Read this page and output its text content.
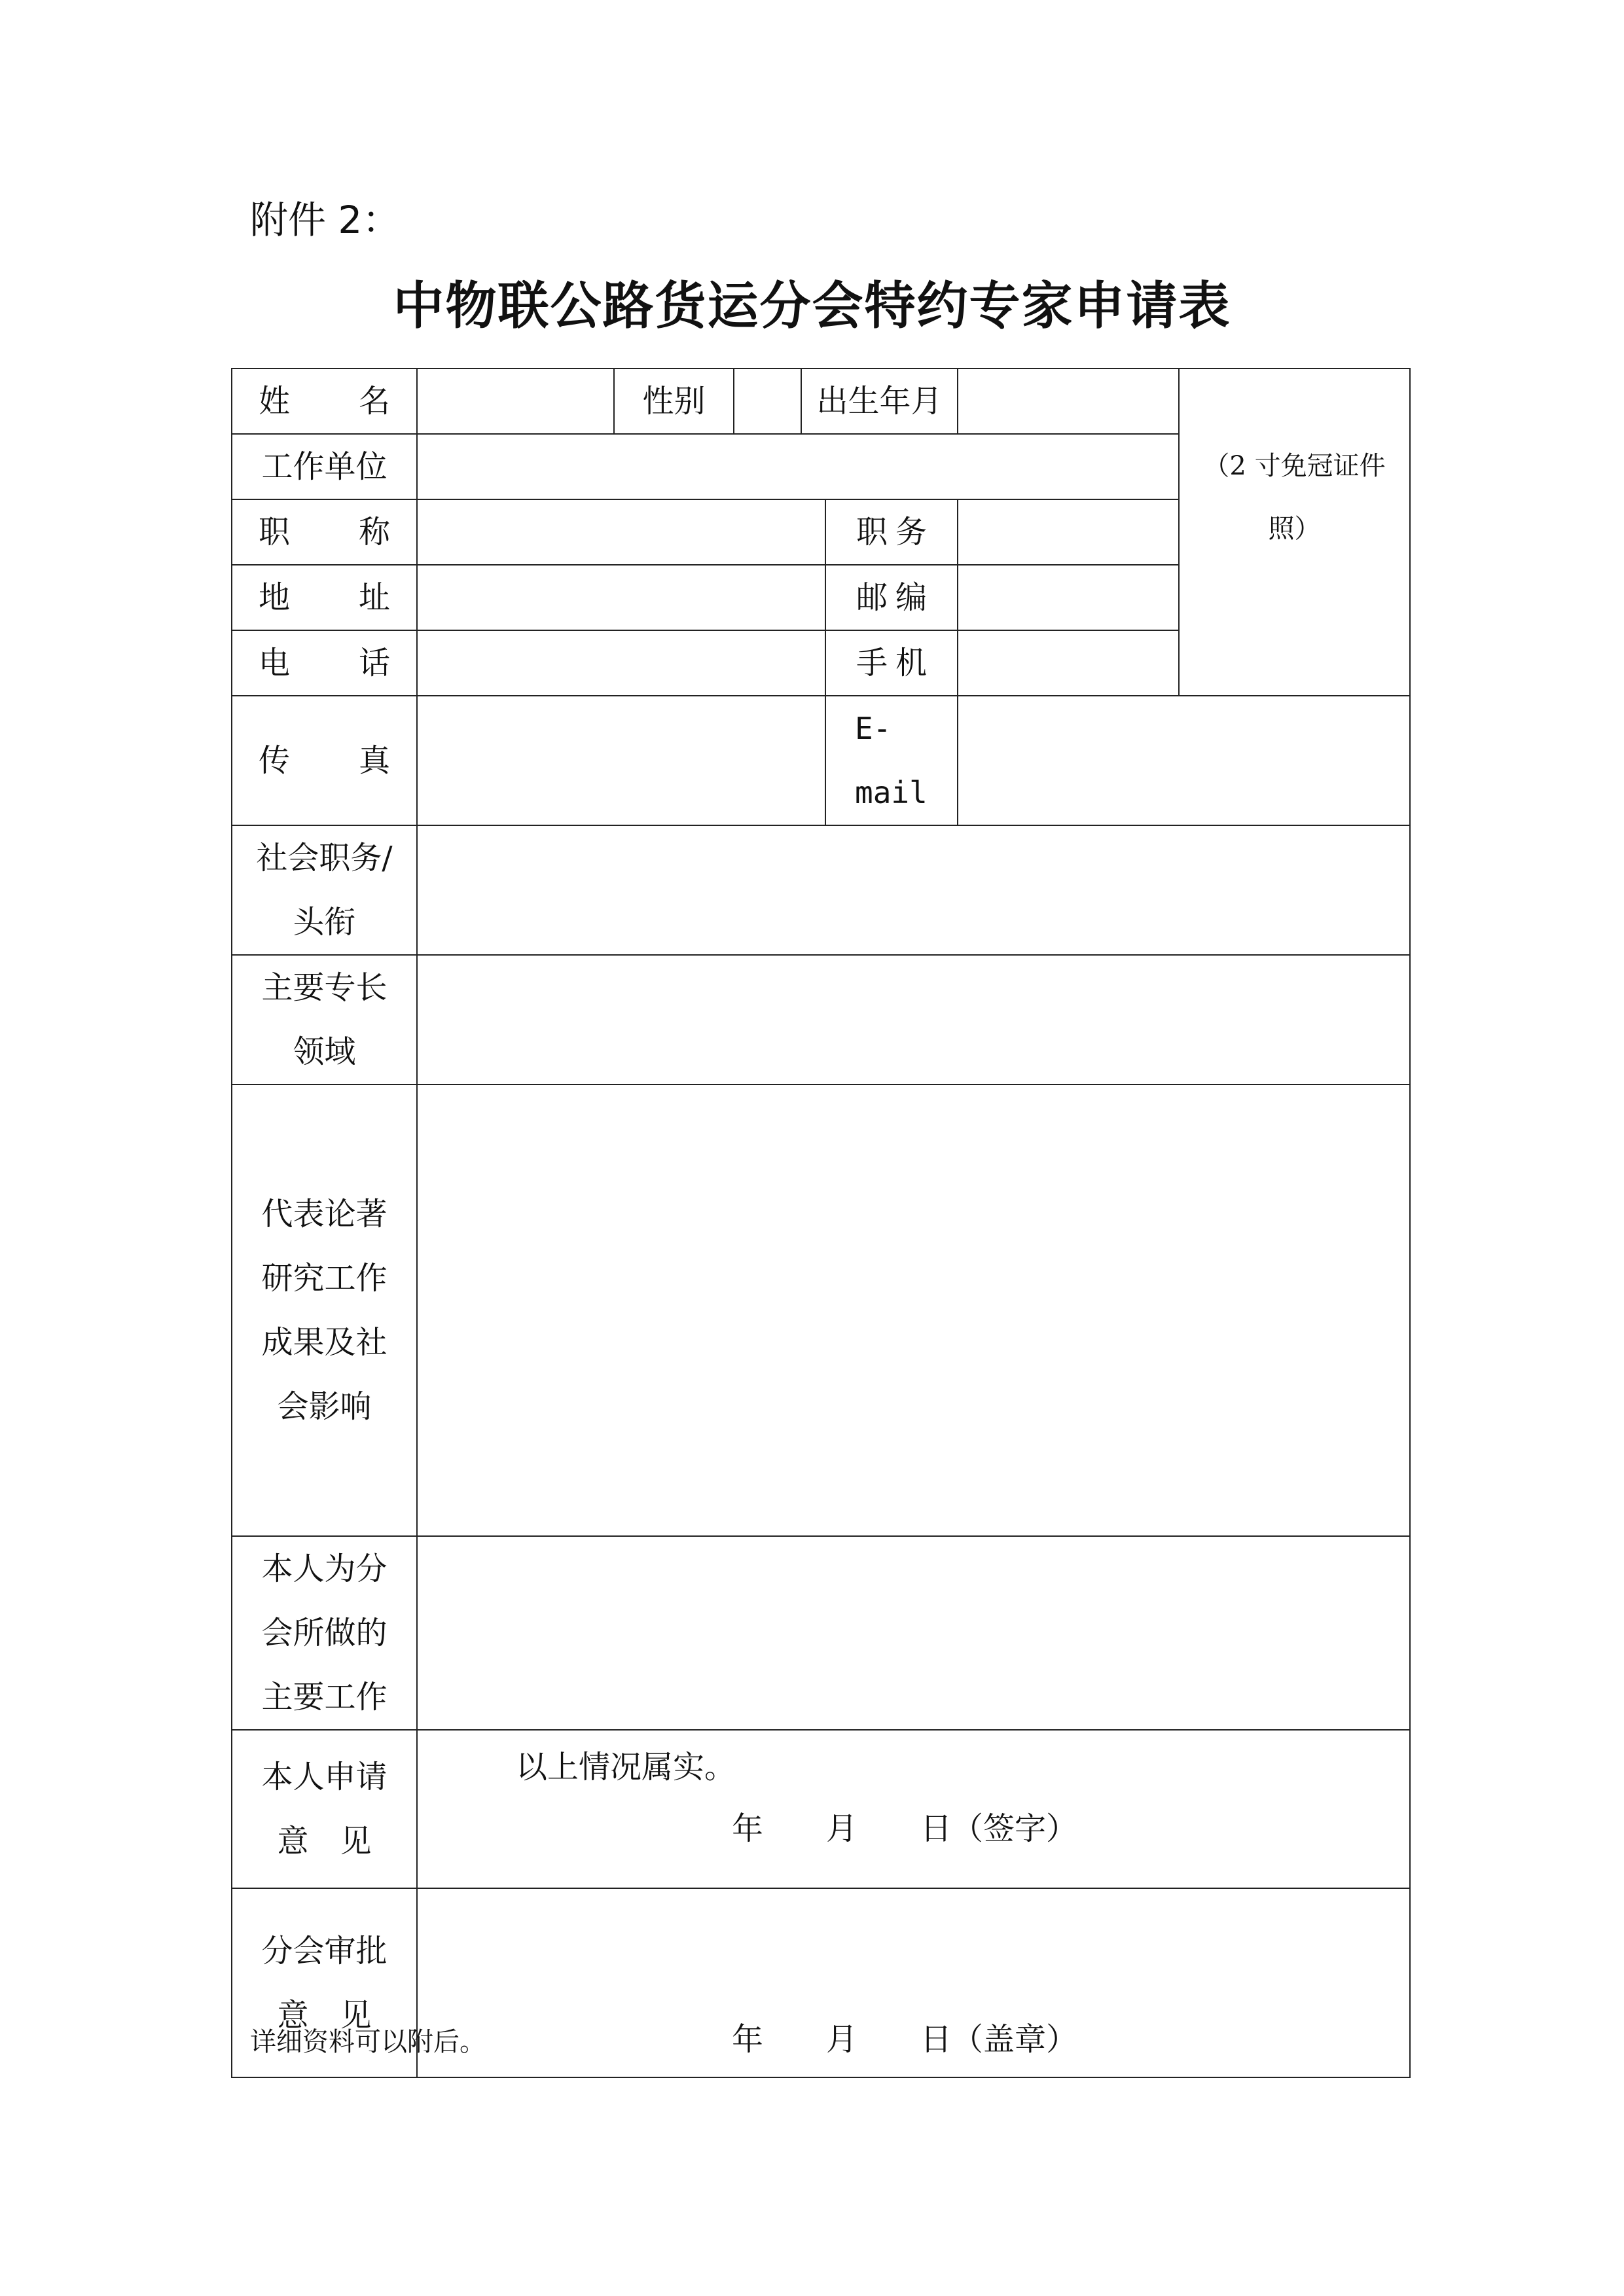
附件 2：
中物联公路货运分会特约专家申请表
姓名		性别		出生年月			（2 寸免冠证件
照）

工作单位							
职称					职务		
地址					邮编		
电话					手机		
传真					E-mail		

社会职务/
头衔							

主要专长
领域							

代表论著
研究工作
成果及社
会影响							

本人为分
会所做的
主要工作							

本人申请
意　见	以上情况属实。
年　　月　　日（签字）						

分会审批
意　见	年　　月　　日（盖章）						
详细资料可以附后。
